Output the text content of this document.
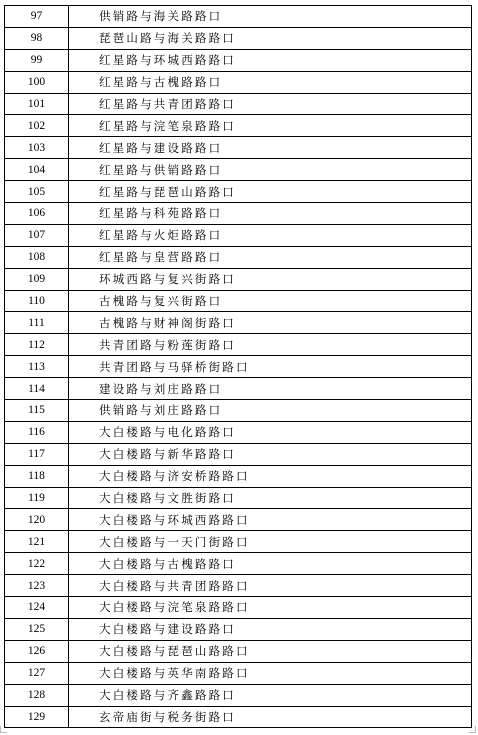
97	供销路与海关路路口
98	琵琶山路与海关路路口
99	红星路与环城西路路口
100	红星路与古槐路路口
101	红星路与共青团路路口
102	红星路与浣笔泉路路口
103	红星路与建设路路口
104	红星路与供销路路口
105	红星路与琵琶山路路口
106	红星路与科苑路路口
107	红星路与火炬路路口
108	红星路与皇营路路口
109	环城西路与复兴街路口
110	古槐路与复兴街路口
111	古槐路与财神阁街路口
112	共青团路与粉莲街路口
113	共青团路与马驿桥街路口
114	建设路与刘庄路路口
115	供销路与刘庄路路口
116	大白楼路与电化路路口
117	大白楼路与新华路路口
118	大白楼路与济安桥路路口
119	大白楼路与文胜街路口
120	大白楼路与环城西路路口
121	大白楼路与一天门街路口
122	大白楼路与古槐路路口
123	大白楼路与共青团路路口
124	大白楼路与浣笔泉路路口
125	大白楼路与建设路路口
126	大白楼路与琵琶山路路口
127	大白楼路与英华南路路口
128	大白楼路与齐鑫路路口
129	玄帝庙街与税务街路口
